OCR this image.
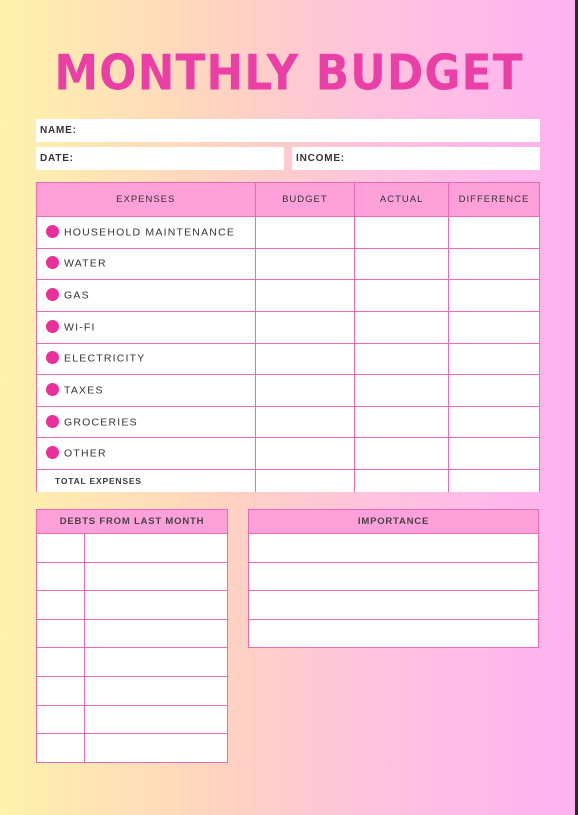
MONTHLY BUDGET
NAME:
DATE:	INCOME:
EXPENSES	BUDGET	ACTUAL	DIFFERENCE
HOUSEHOLD MAINTENANCE			
WATER			
GAS			
WI-FI			
ELECTRICITY			
TAXES			
GROCERIES			
OTHER			
TOTAL EXPENSES			
DEBTS FROM LAST MONTH	

		IMPORTANCE
